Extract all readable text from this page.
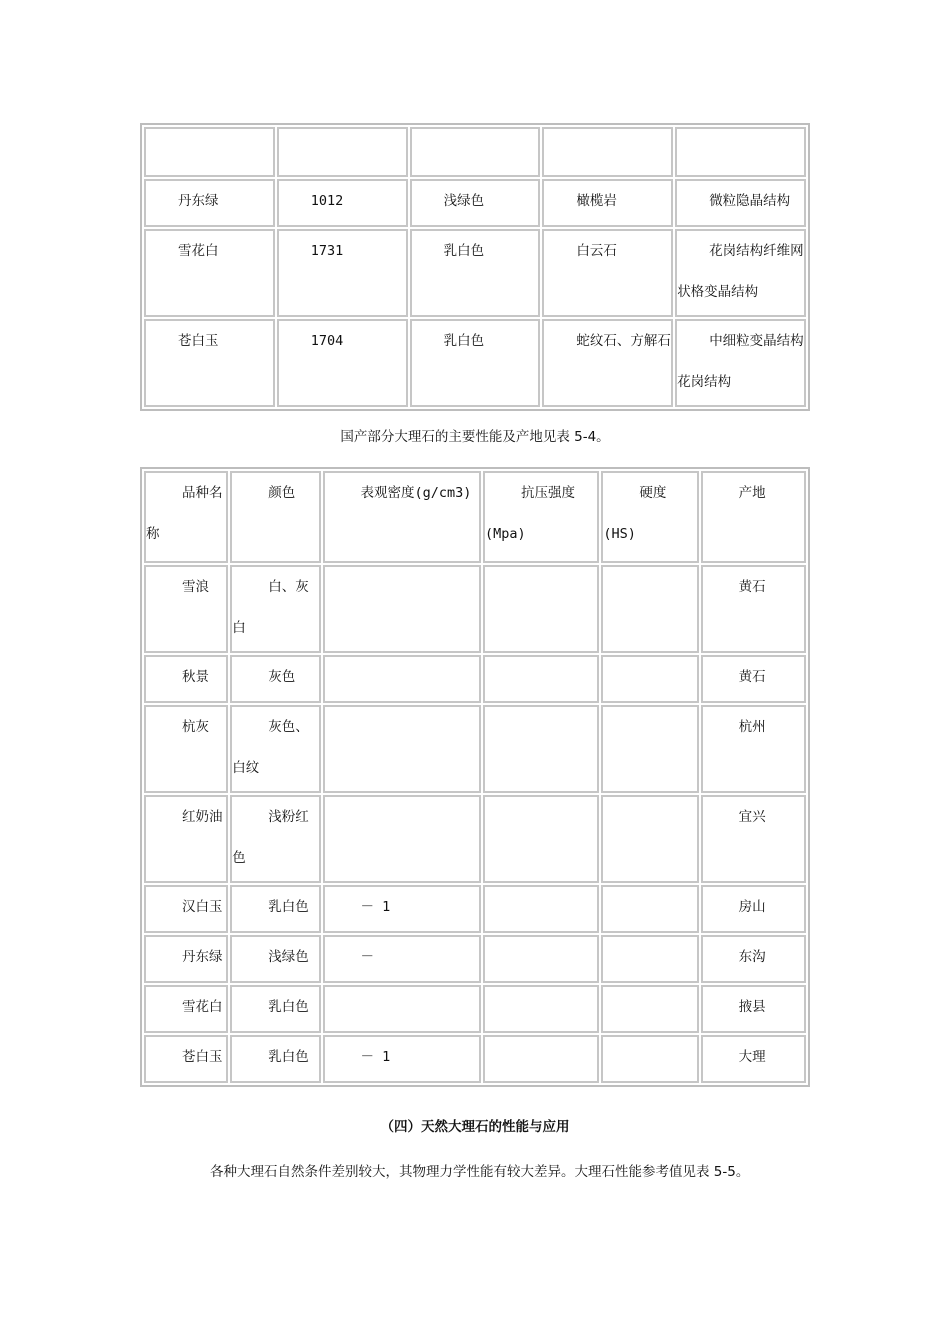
丹东绿	1012	浅绿色	橄榄岩	微粒隐晶结构
雪花白	1731	乳白色	白云石	花岗结构纤维网状格变晶结构
苍白玉	1704	乳白色	蛇纹石、方解石	中细粒变晶结构花岗结构
国产部分大理石的主要性能及产地见表 5-4。
品种名称	颜色	表观密度(g/cm3)	抗压强度(Mpa)	硬度(HS)	产地
雪浪	白、灰白				黄石
秋景	灰色				黄石
杭灰	灰色、白纹				杭州
红奶油	浅粉红色				宜兴
汉白玉	乳白色	－ 1			房山
丹东绿	浅绿色	－			东沟
雪花白	乳白色				掖县
苍白玉	乳白色	－ 1			大理
（四）天然大理石的性能与应用
各种大理石自然条件差别较大，其物理力学性能有较大差异。大理石性能参考值见表 5-5。
